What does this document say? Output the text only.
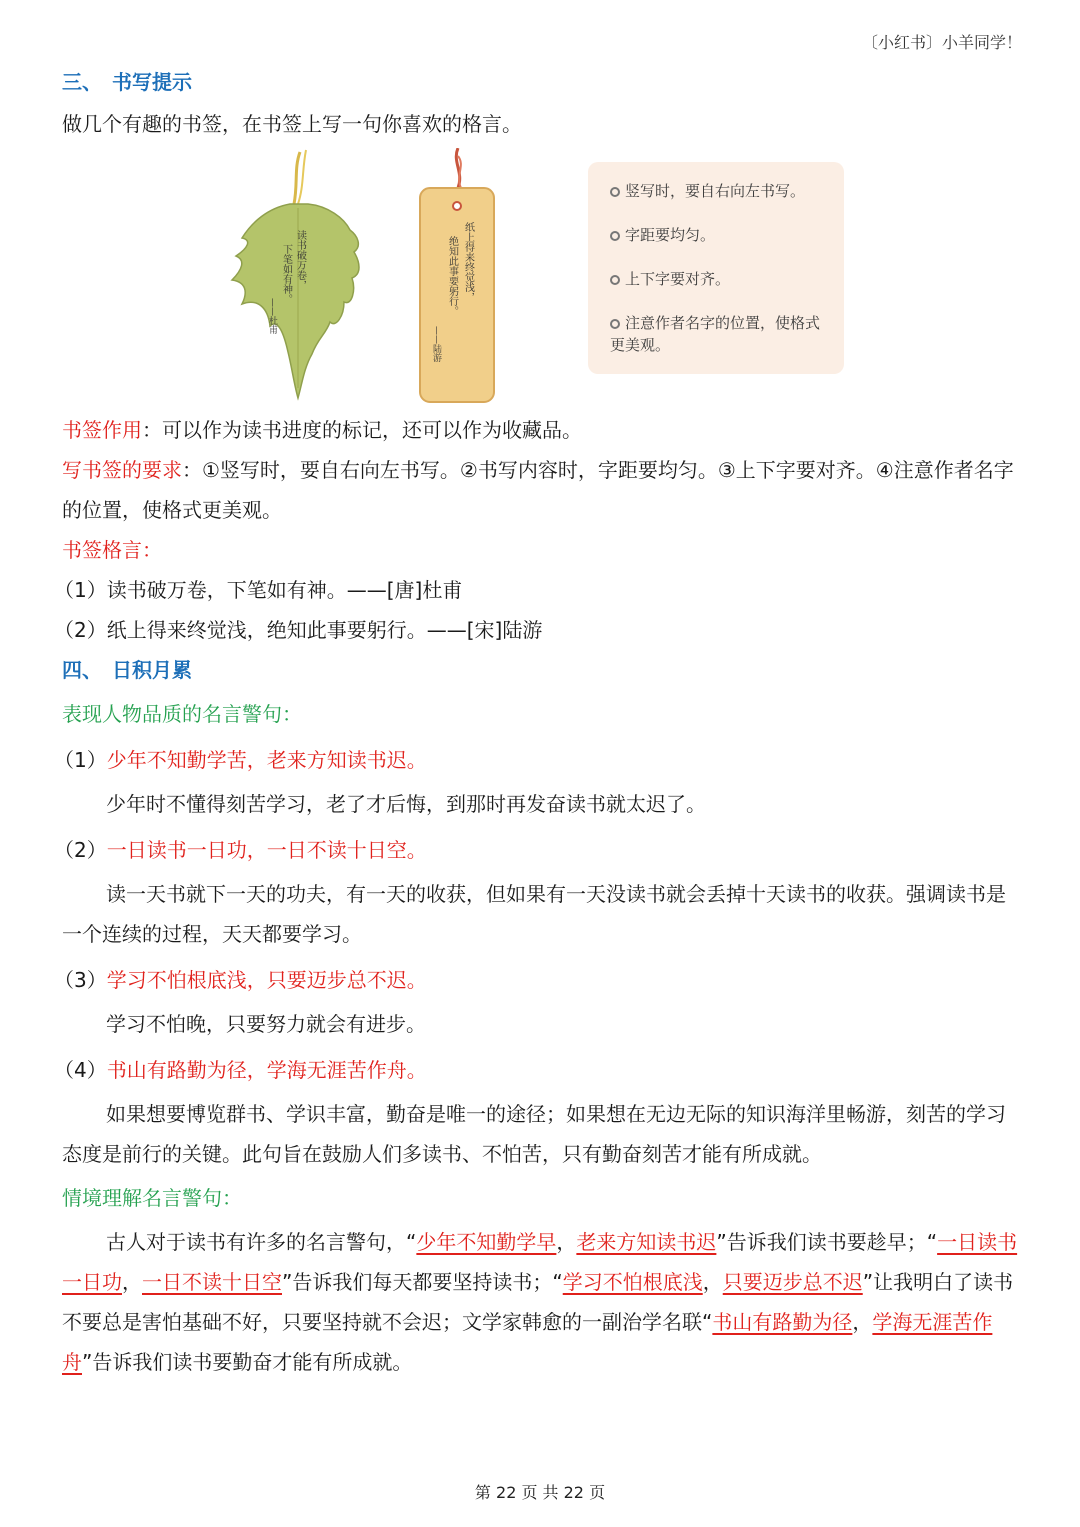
〔小红书〕小羊同学！
三、 书写提示
做几个有趣的书签，在书签上写一句你喜欢的格言。
读书破万卷，
下笔如有神。
——杜甫
纸上得来终觉浅，
绝知此事要躬行。
——陆游
竖写时，要自右向左书写。
字距要均匀。
上下字要对齐。
注意作者名字的位置，使格式更美观。
书签作用：可以作为读书进度的标记，还可以作为收藏品。
写书签的要求：①竖写时，要自右向左书写。②书写内容时，字距要均匀。③上下字要对齐。④注意作者名字的位置，使格式更美观。
书签格言：
（1）读书破万卷，下笔如有神。——[唐]杜甫
（2）纸上得来终觉浅，绝知此事要躬行。——[宋]陆游
四、 日积月累
表现人物品质的名言警句：
（1）少年不知勤学苦，老来方知读书迟。
少年时不懂得刻苦学习，老了才后悔，到那时再发奋读书就太迟了。
（2）一日读书一日功，一日不读十日空。
读一天书就下一天的功夫，有一天的收获，但如果有一天没读书就会丢掉十天读书的收获。强调读书是一个连续的过程，天天都要学习。
（3）学习不怕根底浅，只要迈步总不迟。
学习不怕晚，只要努力就会有进步。
（4）书山有路勤为径，学海无涯苦作舟。
如果想要博览群书、学识丰富，勤奋是唯一的途径；如果想在无边无际的知识海洋里畅游，刻苦的学习态度是前行的关键。此句旨在鼓励人们多读书、不怕苦，只有勤奋刻苦才能有所成就。
情境理解名言警句：
古人对于读书有许多的名言警句，“少年不知勤学早，老来方知读书迟”告诉我们读书要趁早；“一日读书一日功，一日不读十日空”告诉我们每天都要坚持读书；“学习不怕根底浅，只要迈步总不迟”让我明白了读书不要总是害怕基础不好，只要坚持就不会迟；文学家韩愈的一副治学名联“书山有路勤为径，学海无涯苦作舟”告诉我们读书要勤奋才能有所成就。
第 22 页 共 22 页
